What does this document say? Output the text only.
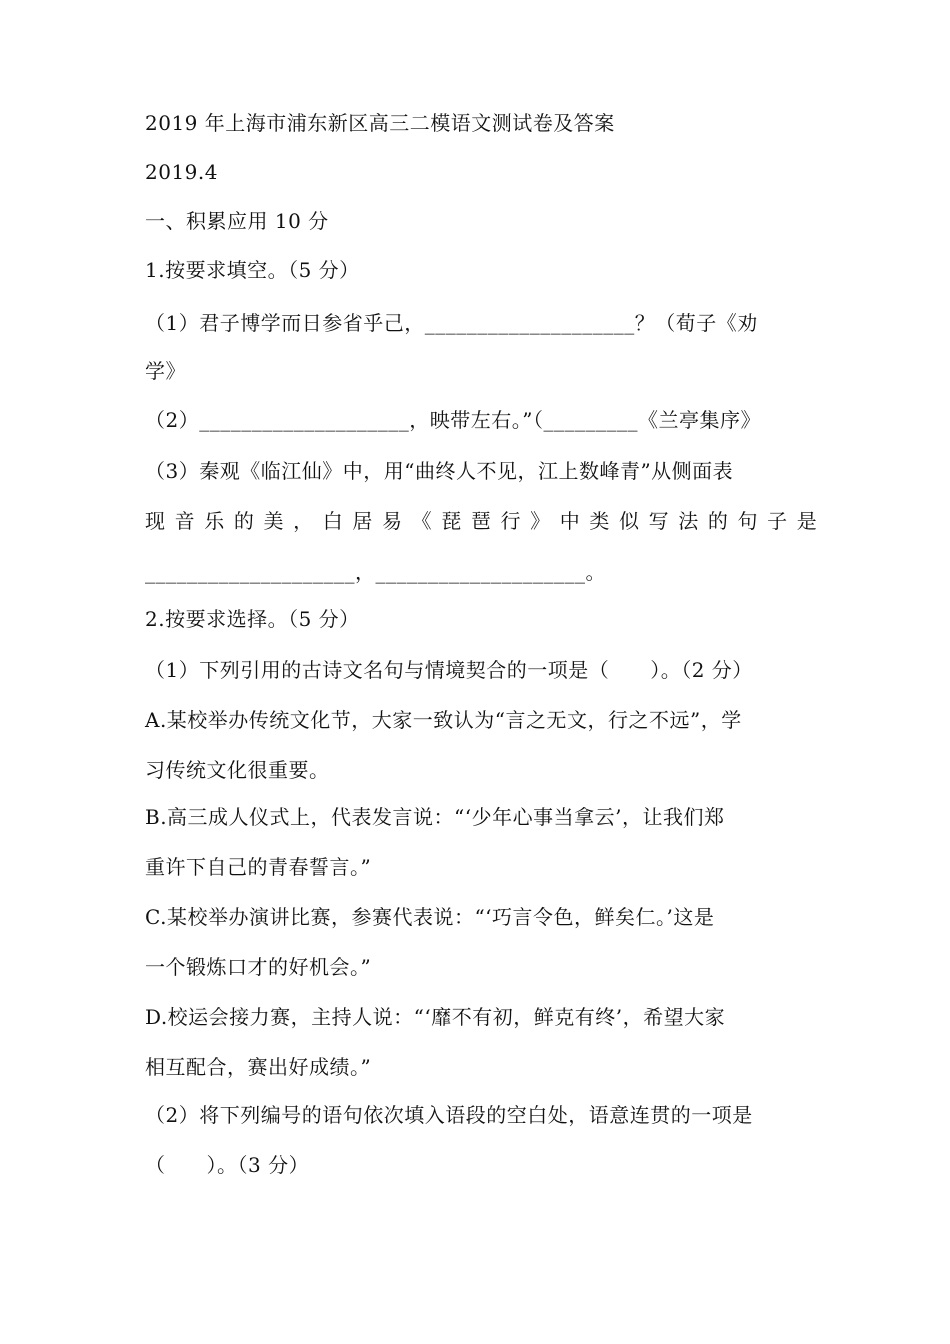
2019 年上海市浦东新区高三二模语文测试卷及答案
2019.4
一、积累应用 10 分
1.按要求填空。（5 分）
（1）君子博学而日参省乎己，____________________？（荀子《劝
学》
（2）____________________，映带左右。”（_________《兰亭集序》
（3）秦观《临江仙》中，用“曲终人不见，江上数峰青”从侧面表
现 音 乐 的 美 ， 白 居 易 《 琵 琶 行 》 中 类 似 写 法 的 句 子 是
____________________，____________________。
2.按要求选择。（5 分）
（1）下列引用的古诗文名句与情境契合的一项是（　　）。（2 分）
A.某校举办传统文化节，大家一致认为“言之无文，行之不远”，学
习传统文化很重要。
B.高三成人仪式上，代表发言说：“‘少年心事当拿云’，让我们郑
重许下自己的青春誓言。”
C.某校举办演讲比赛，参赛代表说：“‘巧言令色，鲜矣仁。’这是
一个锻炼口才的好机会。”
D.校运会接力赛，主持人说：“‘靡不有初，鲜克有终’，希望大家
相互配合，赛出好成绩。”
（2）将下列编号的语句依次填入语段的空白处，语意连贯的一项是
（　　）。（3 分）
